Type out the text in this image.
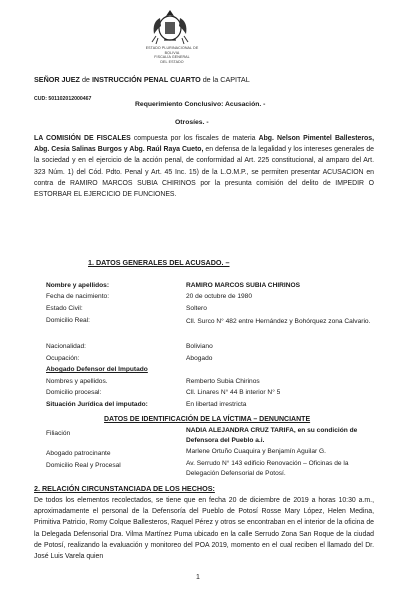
ESTADO PLURINACIONAL DE BOLIVIA
FISCALÍA GENERAL
DEL ESTADO
SEÑOR JUEZ de INSTRUCCIÓN PENAL CUARTO de la CAPITAL
CUD: 501102012000467
Requerimiento Conclusivo: Acusación. -
Otrosíes. -
LA COMISIÓN DE FISCALES compuesta por los fiscales de materia Abg. Nelson Pimentel Ballesteros, Abg. Cesia Salinas Burgos y Abg. Raúl Raya Cueto, en defensa de la legalidad y los intereses generales de la sociedad y en el ejercicio de la acción penal, de conformidad al Art. 225 constitucional, al amparo del Art. 323 Núm. 1) del Cód. Pdto. Penal y Art. 45 Inc. 15) de la L.O.M.P., se permiten presentar ACUSACION en contra de RAMIRO MARCOS SUBIA CHIRINOS por la presunta comisión del delito de IMPEDIR O ESTORBAR EL EJERCICIO DE FUNCIONES.
1. DATOS GENERALES DEL ACUSADO. –
Nombre y apellidos:	RAMIRO MARCOS SUBIA CHIRINOS
Fecha de nacimiento:	20 de octubre de 1980
Estado Civil:	Soltero
Domicilio Real:	Cll. Surco N° 482 entre Hernández y Bohórquez zona Calvario.
Nacionalidad:	Boliviano
Ocupación:	Abogado
Abogado Defensor del Imputado
Nombres y apellidos.	Remberto Subia Chirinos
Domicilio procesal:	Cll. Linares N° 44 B interior N° 5
Situación Jurídica del imputado:	En libertad irrestricta
DATOS DE IDENTIFICACIÓN DE LA VÍCTIMA – DENUNCIANTE
Filiación	NADIA ALEJANDRA CRUZ TARIFA, en su condición de Defensora del Pueblo a.i.
Abogado patrocinante	Marlene Ortuño Cuaquira y Benjamín Aguilar G.
Domicilio Real y Procesal	Av. Serrudo N° 143 edificio Renovación – Oficinas de la Delegación Defensorial de Potosí.
2. RELACIÓN CIRCUNSTANCIADA DE LOS HECHOS:
De todos los elementos recolectados, se tiene que en fecha 20 de diciembre de 2019 a horas 10:30 a.m., aproximadamente el personal de la Defensoría del Pueblo de Potosí Rosse Mary López, Helen Medina, Primitiva Patricio, Romy Colque Ballesteros, Raquel Pérez y otros se encontraban en el interior de la oficina de la Delegada Defensorial Dra. Vilma Martínez Puma ubicado en la calle Serrudo Zona San Roque de la ciudad de Potosí, realizando la evaluación y monitoreo del POA 2019, momento en el cual reciben el llamado del Dr. José Luis Varela quien
1
